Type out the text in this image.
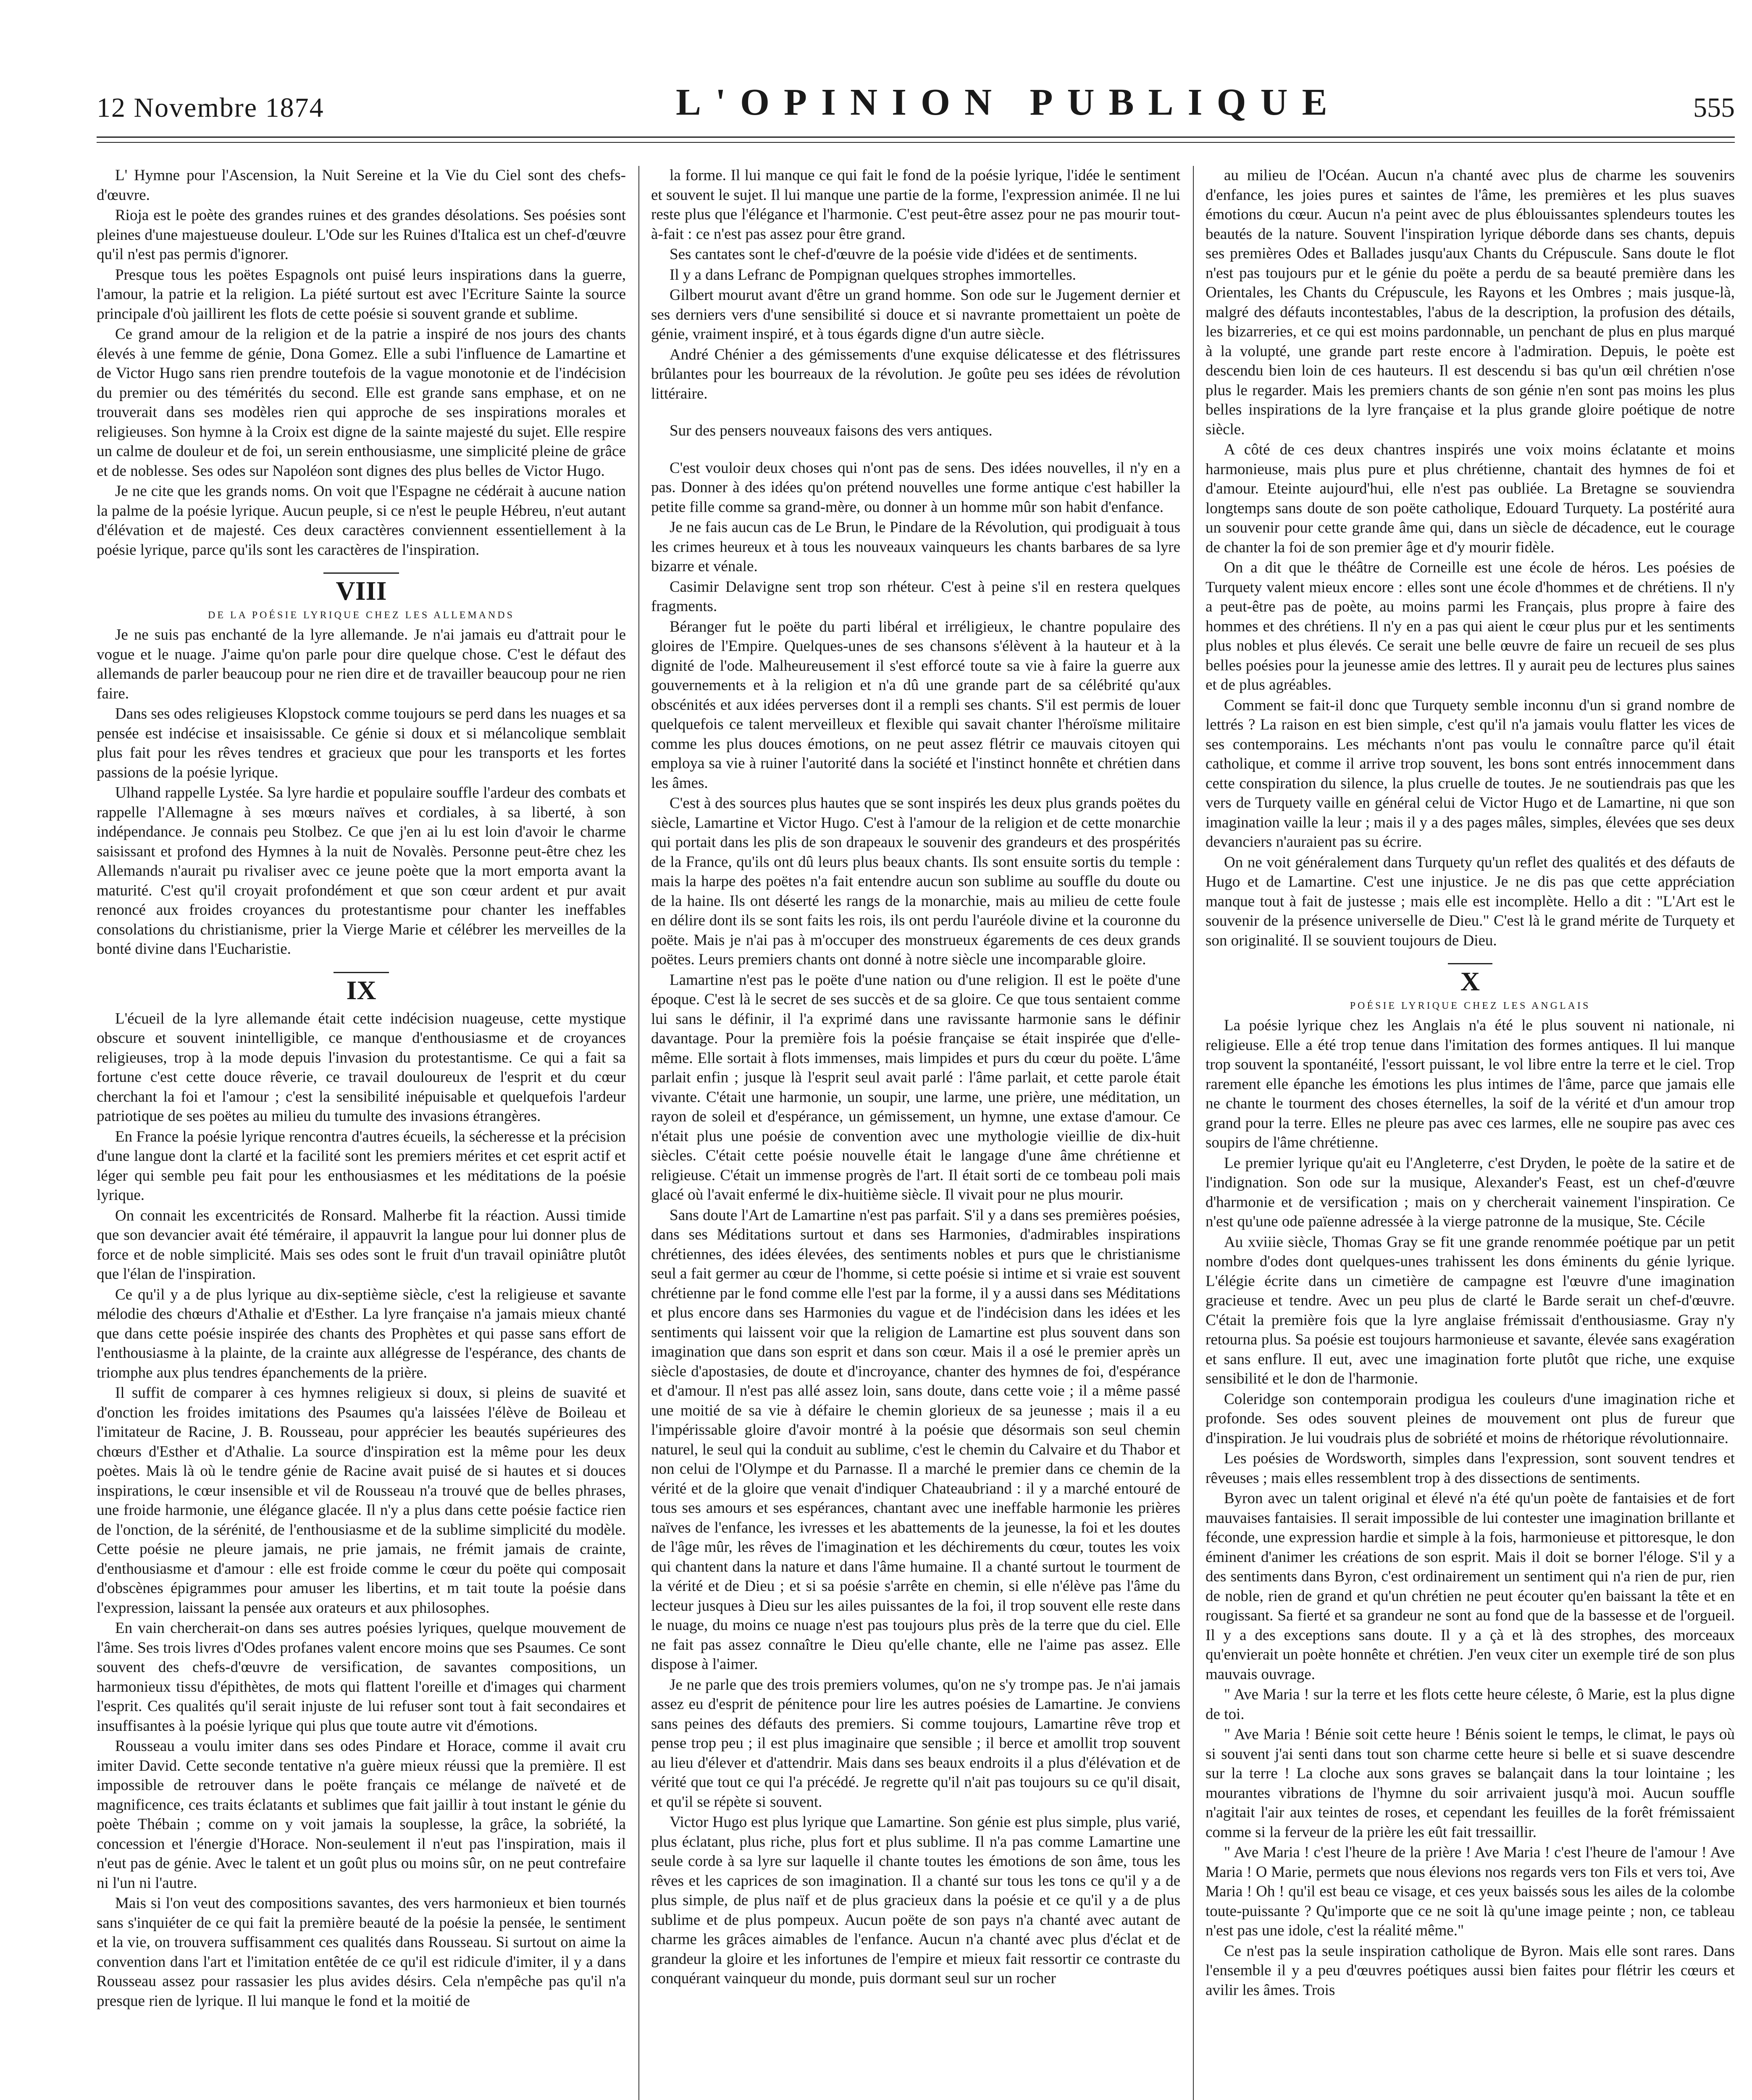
12 Novembre 1874	L'OPINION PUBLIQUE	555

L' Hymne pour l'Ascension, la Nuit Sereine et la Vie du Ciel sont des chefs-d'œuvre.

Rioja est le poète des grandes ruines et des grandes désolations. Ses poésies sont pleines d'une majestueuse douleur. L'Ode sur les Ruines d'Italica est un chef-d'œuvre qu'il n'est pas permis d'ignorer.

Presque tous les poëtes Espagnols ont puisé leurs inspirations dans la guerre, l'amour, la patrie et la religion. La piété surtout est avec l'Ecriture Sainte la source principale d'où jaillirent les flots de cette poésie si souvent grande et sublime.

Ce grand amour de la religion et de la patrie a inspiré de nos jours des chants élevés à une femme de génie, Dona Gomez. Elle a subi l'influence de Lamartine et de Victor Hugo sans rien prendre toutefois de la vague monotonie et de l'indécision du premier ou des témérités du second. Elle est grande sans emphase, et on ne trouverait dans ses modèles rien qui approche de ses inspirations morales et religieuses. Son hymne à la Croix est digne de la sainte majesté du sujet. Elle respire un calme de douleur et de foi, un serein enthousiasme, une simplicité pleine de grâce et de noblesse. Ses odes sur Napoléon sont dignes des plus belles de Victor Hugo.

Je ne cite que les grands noms. On voit que l'Espagne ne cédérait à aucune nation la palme de la poésie lyrique. Aucun peuple, si ce n'est le peuple Hébreu, n'eut autant d'élévation et de majesté. Ces deux caractères conviennent essentiellement à la poésie lyrique, parce qu'ils sont les caractères de l'inspiration.

VIII
DE LA POÉSIE LYRIQUE CHEZ LES ALLEMANDS

Je ne suis pas enchanté de la lyre allemande. Je n'ai jamais eu d'attrait pour le vogue et le nuage. J'aime qu'on parle pour dire quelque chose. C'est le défaut des allemands de parler beaucoup pour ne rien dire et de travailler beaucoup pour ne rien faire.

Dans ses odes religieuses Klopstock comme toujours se perd dans les nuages et sa pensée est indécise et insaisissable. Ce génie si doux et si mélancolique semblait plus fait pour les rêves tendres et gracieux que pour les transports et les fortes passions de la poésie lyrique.

Ulhand rappelle Lystée. Sa lyre hardie et populaire souffle l'ardeur des combats et rappelle l'Allemagne à ses mœurs naïves et cordiales, à sa liberté, à son indépendance. Je connais peu Stolbez. Ce que j'en ai lu est loin d'avoir le charme saisissant et profond des Hymnes à la nuit de Novalès. Personne peut-être chez les Allemands n'aurait pu rivaliser avec ce jeune poète que la mort emporta avant la maturité. C'est qu'il croyait profondément et que son cœur ardent et pur avait renoncé aux froides croyances du protestantisme pour chanter les ineffables consolations du christianisme, prier la Vierge Marie et célébrer les merveilles de la bonté divine dans l'Eucharistie.

IX

L'écueil de la lyre allemande était cette indécision nuageuse, cette mystique obscure et souvent inintelligible, ce manque d'enthousiasme et de croyances religieuses, trop à la mode depuis l'invasion du protestantisme. Ce qui a fait sa fortune c'est cette douce rêverie, ce travail douloureux de l'esprit et du cœur cherchant la foi et l'amour ; c'est la sensibilité inépuisable et quelquefois l'ardeur patriotique de ses poëtes au milieu du tumulte des invasions étrangères.

En France la poésie lyrique rencontra d'autres écueils, la sécheresse et la précision d'une langue dont la clarté et la facilité sont les premiers mérites et cet esprit actif et léger qui semble peu fait pour les enthousiasmes et les méditations de la poésie lyrique.

On connait les excentricités de Ronsard. Malherbe fit la réaction. Aussi timide que son devancier avait été téméraire, il appauvrit la langue pour lui donner plus de force et de noble simplicité. Mais ses odes sont le fruit d'un travail opiniâtre plutôt que l'élan de l'inspiration.

Ce qu'il y a de plus lyrique au dix-septième siècle, c'est la religieuse et savante mélodie des chœurs d'Athalie et d'Esther. La lyre française n'a jamais mieux chanté que dans cette poésie inspirée des chants des Prophètes et qui passe sans effort de l'enthousiasme à la plainte, de la crainte aux allégresse de l'espérance, des chants de triomphe aux plus tendres épanchements de la prière.

Il suffit de comparer à ces hymnes religieux si doux, si pleins de suavité et d'onction les froides imitations des Psaumes qu'a laissées l'élève de Boileau et l'imitateur de Racine, J. B. Rousseau, pour apprécier les beautés supérieures des chœurs d'Esther et d'Athalie. La source d'inspiration est la même pour les deux poètes. Mais là où le tendre génie de Racine avait puisé de si hautes et si douces inspirations, le cœur insensible et vil de Rousseau n'a trouvé que de belles phrases, une froide harmonie, une élégance glacée. Il n'y a plus dans cette poésie factice rien de l'onction, de la sérénité, de l'enthousiasme et de la sublime simplicité du modèle. Cette poésie ne pleure jamais, ne prie jamais, ne frémit jamais de crainte, d'enthousiasme et d'amour : elle est froide comme le cœur du poëte qui composait d'obscènes épigrammes pour amuser les libertins, et m tait toute la poésie dans l'expression, laissant la pensée aux orateurs et aux philosophes.

En vain chercherait-on dans ses autres poésies lyriques, quelque mouvement de l'âme. Ses trois livres d'Odes profanes valent encore moins que ses Psaumes. Ce sont souvent des chefs-d'œuvre de versification, de savantes compositions, un harmonieux tissu d'épithètes, de mots qui flattent l'oreille et d'images qui charment l'esprit. Ces qualités qu'il serait injuste de lui refuser sont tout à fait secondaires et insuffisantes à la poésie lyrique qui plus que toute autre vit d'émotions.

Rousseau a voulu imiter dans ses odes Pindare et Horace, comme il avait cru imiter David. Cette seconde tentative n'a guère mieux réussi que la première. Il est impossible de retrouver dans le poëte français ce mélange de naïveté et de magnificence, ces traits éclatants et sublimes que fait jaillir à tout instant le génie du poète Thébain ; comme on y voit jamais la souplesse, la grâce, la sobriété, la concession et l'énergie d'Horace. Non-seulement il n'eut pas l'inspiration, mais il n'eut pas de génie. Avec le talent et un goût plus ou moins sûr, on ne peut contrefaire ni l'un ni l'autre.

Mais si l'on veut des compositions savantes, des vers harmonieux et bien tournés sans s'inquiéter de ce qui fait la première beauté de la poésie la pensée, le sentiment et la vie, on trouvera suffisamment ces qualités dans Rousseau. Si surtout on aime la convention dans l'art et l'imitation entêtée de ce qu'il est ridicule d'imiter, il y a dans Rousseau assez pour rassasier les plus avides désirs. Cela n'empêche pas qu'il n'a presque rien de lyrique. Il lui manque le fond et la moitié de

la forme. Il lui manque ce qui fait le fond de la poésie lyrique, l'idée le sentiment et souvent le sujet. Il lui manque une partie de la forme, l'expression animée. Il ne lui reste plus que l'élégance et l'harmonie. C'est peut-être assez pour ne pas mourir tout-à-fait : ce n'est pas assez pour être grand.

Ses cantates sont le chef-d'œuvre de la poésie vide d'idées et de sentiments.

Il y a dans Lefranc de Pompignan quelques strophes immortelles.

Gilbert mourut avant d'être un grand homme. Son ode sur le Jugement dernier et ses derniers vers d'une sensibilité si douce et si navrante promettaient un poète de génie, vraiment inspiré, et à tous égards digne d'un autre siècle.

André Chénier a des gémissements d'une exquise délicatesse et des flétrissures brûlantes pour les bourreaux de la révolution. Je goûte peu ses idées de révolution littéraire.

Sur des pensers nouveaux faisons des vers antiques.

C'est vouloir deux choses qui n'ont pas de sens. Des idées nouvelles, il n'y en a pas. Donner à des idées qu'on prétend nouvelles une forme antique c'est habiller la petite fille comme sa grand-mère, ou donner à un homme mûr son habit d'enfance.

Je ne fais aucun cas de Le Brun, le Pindare de la Révolution, qui prodiguait à tous les crimes heureux et à tous les nouveaux vainqueurs les chants barbares de sa lyre bizarre et vénale.

Casimir Delavigne sent trop son rhéteur. C'est à peine s'il en restera quelques fragments.

Béranger fut le poëte du parti libéral et irréligieux, le chantre populaire des gloires de l'Empire. Quelques-unes de ses chansons s'élèvent à la hauteur et à la dignité de l'ode. Malheureusement il s'est efforcé toute sa vie à faire la guerre aux gouvernements et à la religion et n'a dû une grande part de sa célébrité qu'aux obscénités et aux idées perverses dont il a rempli ses chants. S'il est permis de louer quelquefois ce talent merveilleux et flexible qui savait chanter l'héroïsme militaire comme les plus douces émotions, on ne peut assez flétrir ce mauvais citoyen qui employa sa vie à ruiner l'autorité dans la société et l'instinct honnête et chrétien dans les âmes.

C'est à des sources plus hautes que se sont inspirés les deux plus grands poëtes du siècle, Lamartine et Victor Hugo. C'est à l'amour de la religion et de cette monarchie qui portait dans les plis de son drapeaux le souvenir des grandeurs et des prospérités de la France, qu'ils ont dû leurs plus beaux chants. Ils sont ensuite sortis du temple : mais la harpe des poëtes n'a fait entendre aucun son sublime au souffle du doute ou de la haine. Ils ont déserté les rangs de la monarchie, mais au milieu de cette foule en délire dont ils se sont faits les rois, ils ont perdu l'auréole divine et la couronne du poëte. Mais je n'ai pas à m'occuper des monstrueux égarements de ces deux grands poëtes. Leurs premiers chants ont donné à notre siècle une incomparable gloire.

Lamartine n'est pas le poëte d'une nation ou d'une religion. Il est le poëte d'une époque. C'est là le secret de ses succès et de sa gloire. Ce que tous sentaient comme lui sans le définir, il l'a exprimé dans une ravissante harmonie sans le définir davantage. Pour la première fois la poésie française se était inspirée que d'elle-même. Elle sortait à flots immenses, mais limpides et purs du cœur du poëte. L'âme parlait enfin ; jusque là l'esprit seul avait parlé : l'âme parlait, et cette parole était vivante. C'était une harmonie, un soupir, une larme, une prière, une méditation, un rayon de soleil et d'espérance, un gémissement, un hymne, une extase d'amour. Ce n'était plus une poésie de convention avec une mythologie vieillie de dix-huit siècles. C'était cette poésie nouvelle était le langage d'une âme chrétienne et religieuse. C'était un immense progrès de l'art. Il était sorti de ce tombeau poli mais glacé où l'avait enfermé le dix-huitième siècle. Il vivait pour ne plus mourir.

Sans doute l'Art de Lamartine n'est pas parfait. S'il y a dans ses premières poésies, dans ses Méditations surtout et dans ses Harmonies, d'admirables inspirations chrétiennes, des idées élevées, des sentiments nobles et purs que le christianisme seul a fait germer au cœur de l'homme, si cette poésie si intime et si vraie est souvent chrétienne par le fond comme elle l'est par la forme, il y a aussi dans ses Méditations et plus encore dans ses Harmonies du vague et de l'indécision dans les idées et les sentiments qui laissent voir que la religion de Lamartine est plus souvent dans son imagination que dans son esprit et dans son cœur. Mais il a osé le premier après un siècle d'apostasies, de doute et d'incroyance, chanter des hymnes de foi, d'espérance et d'amour. Il n'est pas allé assez loin, sans doute, dans cette voie ; il a même passé une moitié de sa vie à défaire le chemin glorieux de sa jeunesse ; mais il a eu l'impérissable gloire d'avoir montré à la poésie que désormais son seul chemin naturel, le seul qui la conduit au sublime, c'est le chemin du Calvaire et du Thabor et non celui de l'Olympe et du Parnasse. Il a marché le premier dans ce chemin de la vérité et de la gloire que venait d'indiquer Chateaubriand : il y a marché entouré de tous ses amours et ses espérances, chantant avec une ineffable harmonie les prières naïves de l'enfance, les ivresses et les abattements de la jeunesse, la foi et les doutes de l'âge mûr, les rêves de l'imagination et les déchirements du cœur, toutes les voix qui chantent dans la nature et dans l'âme humaine. Il a chanté surtout le tourment de la vérité et de Dieu ; et si sa poésie s'arrête en chemin, si elle n'élève pas l'âme du lecteur jusques à Dieu sur les ailes puissantes de la foi, il trop souvent elle reste dans le nuage, du moins ce nuage n'est pas toujours plus près de la terre que du ciel. Elle ne fait pas assez connaître le Dieu qu'elle chante, elle ne l'aime pas assez. Elle dispose à l'aimer.

Je ne parle que des trois premiers volumes, qu'on ne s'y trompe pas. Je n'ai jamais assez eu d'esprit de pénitence pour lire les autres poésies de Lamartine. Je conviens sans peines des défauts des premiers. Si comme toujours, Lamartine rêve trop et pense trop peu ; il est plus imaginaire que sensible ; il berce et amollit trop souvent au lieu d'élever et d'attendrir. Mais dans ses beaux endroits il a plus d'élévation et de vérité que tout ce qui l'a précédé. Je regrette qu'il n'ait pas toujours su ce qu'il disait, et qu'il se répète si souvent.

Victor Hugo est plus lyrique que Lamartine. Son génie est plus simple, plus varié, plus éclatant, plus riche, plus fort et plus sublime. Il n'a pas comme Lamartine une seule corde à sa lyre sur laquelle il chante toutes les émotions de son âme, tous les rêves et les caprices de son imagination. Il a chanté sur tous les tons ce qu'il y a de plus simple, de plus naïf et de plus gracieux dans la poésie et ce qu'il y a de plus sublime et de plus pompeux. Aucun poëte de son pays n'a chanté avec autant de charme les grâces aimables de l'enfance. Aucun n'a chanté avec plus d'éclat et de grandeur la gloire et les infortunes de l'empire et mieux fait ressortir ce contraste du conquérant vainqueur du monde, puis dormant seul sur un rocher

au milieu de l'Océan. Aucun n'a chanté avec plus de charme les souvenirs d'enfance, les joies pures et saintes de l'âme, les premières et les plus suaves émotions du cœur. Aucun n'a peint avec de plus éblouissantes splendeurs toutes les beautés de la nature. Souvent l'inspiration lyrique déborde dans ses chants, depuis ses premières Odes et Ballades jusqu'aux Chants du Crépuscule. Sans doute le flot n'est pas toujours pur et le génie du poëte a perdu de sa beauté première dans les Orientales, les Chants du Crépuscule, les Rayons et les Ombres ; mais jusque-là, malgré des défauts incontestables, l'abus de la description, la profusion des détails, les bizarreries, et ce qui est moins pardonnable, un penchant de plus en plus marqué à la volupté, une grande part reste encore à l'admiration. Depuis, le poète est descendu bien loin de ces hauteurs. Il est descendu si bas qu'un œil chrétien n'ose plus le regarder. Mais les premiers chants de son génie n'en sont pas moins les plus belles inspirations de la lyre française et la plus grande gloire poétique de notre siècle.

A côté de ces deux chantres inspirés une voix moins éclatante et moins harmonieuse, mais plus pure et plus chrétienne, chantait des hymnes de foi et d'amour. Eteinte aujourd'hui, elle n'est pas oubliée. La Bretagne se souviendra longtemps sans doute de son poëte catholique, Edouard Turquety. La postérité aura un souvenir pour cette grande âme qui, dans un siècle de décadence, eut le courage de chanter la foi de son premier âge et d'y mourir fidèle.

On a dit que le théâtre de Corneille est une école de héros. Les poésies de Turquety valent mieux encore : elles sont une école d'hommes et de chrétiens. Il n'y a peut-être pas de poète, au moins parmi les Français, plus propre à faire des hommes et des chrétiens. Il n'y en a pas qui aient le cœur plus pur et les sentiments plus nobles et plus élevés. Ce serait une belle œuvre de faire un recueil de ses plus belles poésies pour la jeunesse amie des lettres. Il y aurait peu de lectures plus saines et de plus agréables.

Comment se fait-il donc que Turquety semble inconnu d'un si grand nombre de lettrés ? La raison en est bien simple, c'est qu'il n'a jamais voulu flatter les vices de ses contemporains. Les méchants n'ont pas voulu le connaître parce qu'il était catholique, et comme il arrive trop souvent, les bons sont entrés innocemment dans cette conspiration du silence, la plus cruelle de toutes. Je ne soutiendrais pas que les vers de Turquety vaille en général celui de Victor Hugo et de Lamartine, ni que son imagination vaille la leur ; mais il y a des pages mâles, simples, élevées que ses deux devanciers n'auraient pas su écrire.

On ne voit généralement dans Turquety qu'un reflet des qualités et des défauts de Hugo et de Lamartine. C'est une injustice. Je ne dis pas que cette appréciation manque tout à fait de justesse ; mais elle est incomplète. Hello a dit : "L'Art est le souvenir de la présence universelle de Dieu." C'est là le grand mérite de Turquety et son originalité. Il se souvient toujours de Dieu.

X
POÉSIE LYRIQUE CHEZ LES ANGLAIS

La poésie lyrique chez les Anglais n'a été le plus souvent ni nationale, ni religieuse. Elle a été trop tenue dans l'imitation des formes antiques. Il lui manque trop souvent la spontanéité, l'essort puissant, le vol libre entre la terre et le ciel. Trop rarement elle épanche les émotions les plus intimes de l'âme, parce que jamais elle ne chante le tourment des choses éternelles, la soif de la vérité et d'un amour trop grand pour la terre. Elles ne pleure pas avec ces larmes, elle ne soupire pas avec ces soupirs de l'âme chrétienne.

Le premier lyrique qu'ait eu l'Angleterre, c'est Dryden, le poète de la satire et de l'indignation. Son ode sur la musique, Alexander's Feast, est un chef-d'œuvre d'harmonie et de versification ; mais on y chercherait vainement l'inspiration. Ce n'est qu'une ode païenne adressée à la vierge patronne de la musique, Ste. Cécile

Au xviiie siècle, Thomas Gray se fit une grande renommée poétique par un petit nombre d'odes dont quelques-unes trahissent les dons éminents du génie lyrique. L'élégie écrite dans un cimetière de campagne est l'œuvre d'une imagination gracieuse et tendre. Avec un peu plus de clarté le Barde serait un chef-d'œuvre. C'était la première fois que la lyre anglaise frémissait d'enthousiasme. Gray n'y retourna plus. Sa poésie est toujours harmonieuse et savante, élevée sans exagération et sans enflure. Il eut, avec une imagination forte plutôt que riche, une exquise sensibilité et le don de l'harmonie.

Coleridge son contemporain prodigua les couleurs d'une imagination riche et profonde. Ses odes souvent pleines de mouvement ont plus de fureur que d'inspiration. Je lui voudrais plus de sobriété et moins de rhétorique révolutionnaire.

Les poésies de Wordsworth, simples dans l'expression, sont souvent tendres et rêveuses ; mais elles ressemblent trop à des dissections de sentiments.

Byron avec un talent original et élevé n'a été qu'un poète de fantaisies et de fort mauvaises fantaisies. Il serait impossible de lui contester une imagination brillante et féconde, une expression hardie et simple à la fois, harmonieuse et pittoresque, le don éminent d'animer les créations de son esprit. Mais il doit se borner l'éloge. S'il y a des sentiments dans Byron, c'est ordinairement un sentiment qui n'a rien de pur, rien de noble, rien de grand et qu'un chrétien ne peut écouter qu'en baissant la tête et en rougissant. Sa fierté et sa grandeur ne sont au fond que de la bassesse et de l'orgueil. Il y a des exceptions sans doute. Il y a çà et là des strophes, des morceaux qu'envierait un poète honnête et chrétien. J'en veux citer un exemple tiré de son plus mauvais ouvrage.

" Ave Maria ! sur la terre et les flots cette heure céleste, ô Marie, est la plus digne de toi.

" Ave Maria ! Bénie soit cette heure ! Bénis soient le temps, le climat, le pays où si souvent j'ai senti dans tout son charme cette heure si belle et si suave descendre sur la terre ! La cloche aux sons graves se balançait dans la tour lointaine ; les mourantes vibrations de l'hymne du soir arrivaient jusqu'à moi. Aucun souffle n'agitait l'air aux teintes de roses, et cependant les feuilles de la forêt frémissaient comme si la ferveur de la prière les eût fait tressaillir.

" Ave Maria ! c'est l'heure de la prière ! Ave Maria ! c'est l'heure de l'amour ! Ave Maria ! O Marie, permets que nous élevions nos regards vers ton Fils et vers toi, Ave Maria ! Oh ! qu'il est beau ce visage, et ces yeux baissés sous les ailes de la colombe toute-puissante ? Qu'importe que ce ne soit là qu'une image peinte ; non, ce tableau n'est pas une idole, c'est la réalité même."

Ce n'est pas la seule inspiration catholique de Byron. Mais elle sont rares. Dans l'ensemble il y a peu d'œuvres poétiques aussi bien faites pour flétrir les cœurs et avilir les âmes. Trois
